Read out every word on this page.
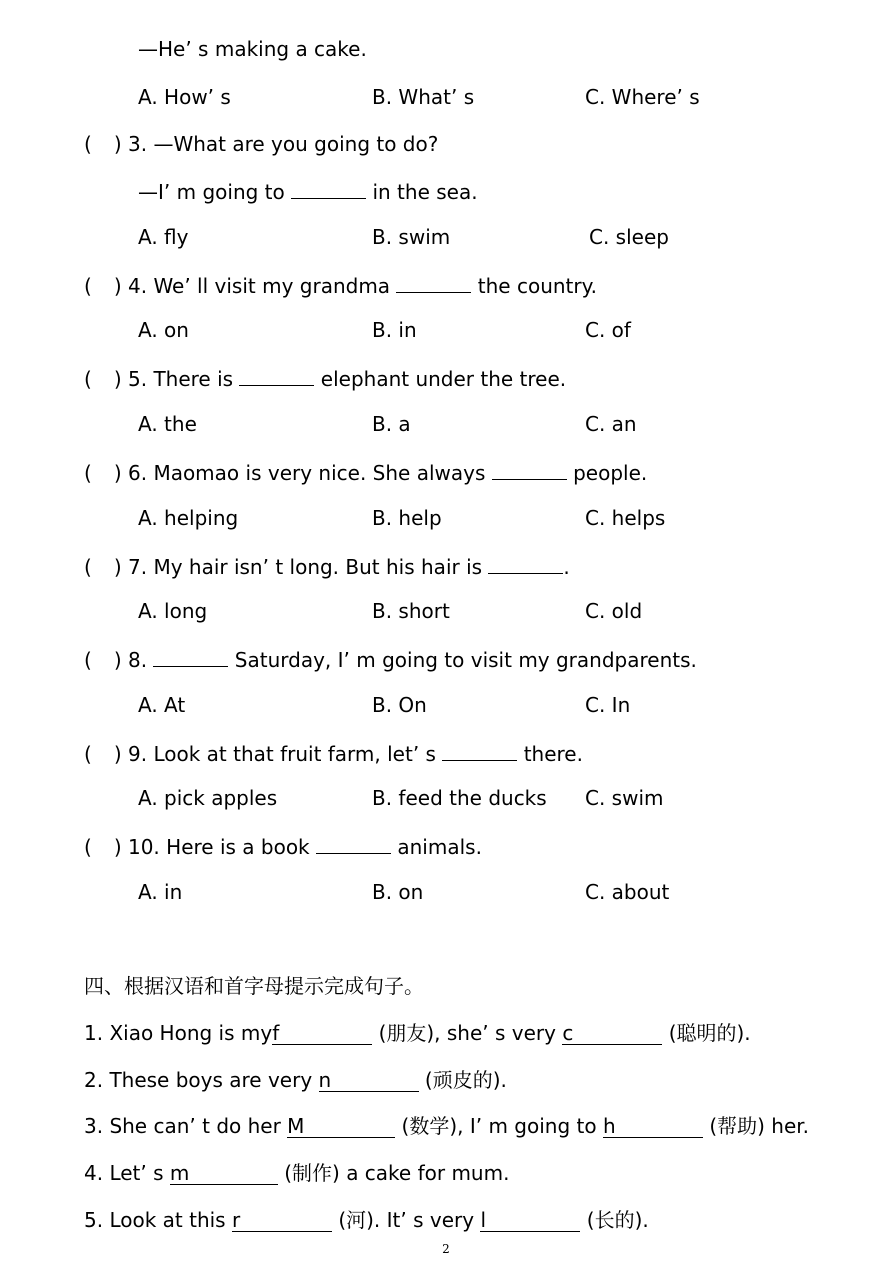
—He’ s making a cake.
A. How’ s	B. What’ s	C. Where’ s
( ) 3. —What are you going to do?
—I’ m going to	in the sea.
A. fly	B. swim	C. sleep
( ) 4. We’ ll visit my grandma	the country.
A. on	B. in	C. of
( ) 5. There is	elephant under the tree.
A. the	B. a	C. an
( ) 6. Maomao is very nice. She always	people.
A. helping	B. help	C. helps
( ) 7. My hair isn’ t long. But his hair is	.
A. long	B. short	C. old
( ) 8.	Saturday, I’ m going to visit my grandparents.
A. At	B. On	C. In
( ) 9. Look at that fruit farm, let’ s	there.
A. pick apples	B. feed the ducks C. swim
( ) 10. Here is a book	animals.
A. in	B. on	C. about
四、根据汉语和首字母提示完成句子。
1. Xiao Hong is myf	(朋友), she’ s very c	(聪明的).
2. These boys are very n	(顽皮的).
3. She can’ t do her M	(数学), I’ m going to h	(帮助) her.
4. Let’ s m	(制作) a cake for mum.
5. Look at this r	(河). It’ s very l	(长的).
2
